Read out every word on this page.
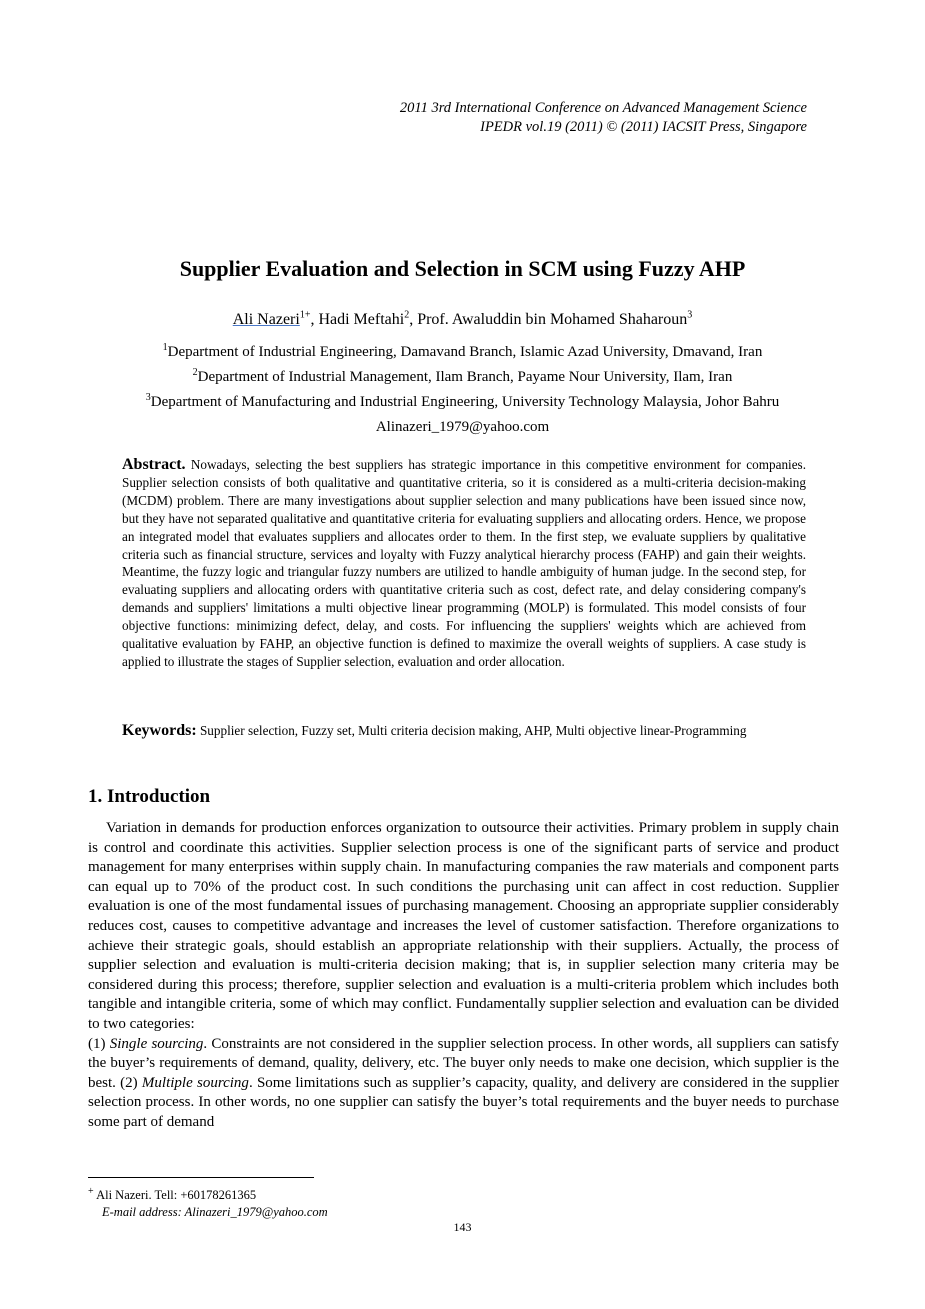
2011 3rd International Conference on Advanced Management Science
IPEDR vol.19 (2011) © (2011) IACSIT Press, Singapore
Supplier Evaluation and Selection in SCM using Fuzzy AHP
Ali Nazeri$^{1+}$, Hadi Meftahi$^2$, Prof. Awaluddin bin Mohamed Shaharoun$^3$
$^1$Department of Industrial Engineering, Damavand Branch, Islamic Azad University, Dmavand, Iran
$^2$Department of Industrial Management, Ilam Branch, Payame Nour University, Ilam, Iran
$^3$Department of Manufacturing and Industrial Engineering, University Technology Malaysia, Johor Bahru
Alinazeri_1979@yahoo.com
Abstract. Nowadays, selecting the best suppliers has strategic importance in this competitive environment for companies. Supplier selection consists of both qualitative and quantitative criteria, so it is considered as a multi-criteria decision-making (MCDM) problem. There are many investigations about supplier selection and many publications have been issued since now, but they have not separated qualitative and quantitative criteria for evaluating suppliers and allocating orders. Hence, we propose an integrated model that evaluates suppliers and allocates order to them. In the first step, we evaluate suppliers by qualitative criteria such as financial structure, services and loyalty with Fuzzy analytical hierarchy process (FAHP) and gain their weights. Meantime, the fuzzy logic and triangular fuzzy numbers are utilized to handle ambiguity of human judge. In the second step, for evaluating suppliers and allocating orders with quantitative criteria such as cost, defect rate, and delay considering company's demands and suppliers' limitations a multi objective linear programming (MOLP) is formulated. This model consists of four objective functions: minimizing defect, delay, and costs. For influencing the suppliers' weights which are achieved from qualitative evaluation by FAHP, an objective function is defined to maximize the overall weights of suppliers. A case study is applied to illustrate the stages of Supplier selection, evaluation and order allocation.
Keywords: Supplier selection, Fuzzy set, Multi criteria decision making, AHP, Multi objective linear-Programming
1. Introduction

Variation in demands for production enforces organization to outsource their activities. Primary problem in supply chain is control and coordinate this activities. Supplier selection process is one of the significant parts of service and product management for many enterprises within supply chain. In manufacturing companies the raw materials and component parts can equal up to 70% of the product cost. In such conditions the purchasing unit can affect in cost reduction. Supplier evaluation is one of the most fundamental issues of purchasing management. Choosing an appropriate supplier considerably reduces cost, causes to competitive advantage and increases the level of customer satisfaction. Therefore organizations to achieve their strategic goals, should establish an appropriate relationship with their suppliers. Actually, the process of supplier selection and evaluation is multi-criteria decision making; that is, in supplier selection many criteria may be considered during this process; therefore, supplier selection and evaluation is a multi-criteria problem which includes both tangible and intangible criteria, some of which may conflict. Fundamentally supplier selection and evaluation can be divided to two categories:

(1) Single sourcing. Constraints are not considered in the supplier selection process. In other words, all suppliers can satisfy the buyer’s requirements of demand, quality, delivery, etc. The buyer only needs to make one decision, which supplier is the best. (2) Multiple sourcing. Some limitations such as supplier’s capacity, quality, and delivery are considered in the supplier selection process. In other words, no one supplier can satisfy the buyer’s total requirements and the buyer needs to purchase some part of demand

+ Ali Nazeri. Tell: +60178261365
E-mail address: Alinazeri_1979@yahoo.com
143
